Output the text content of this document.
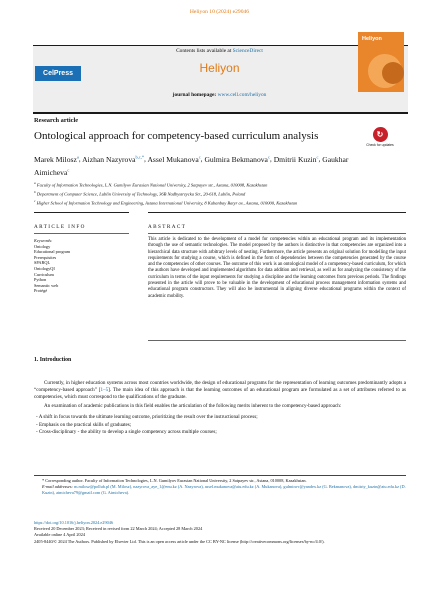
Heliyon 10 (2024) e29046
Contents lists available at ScienceDirect
Heliyon
journal homepage: www.cell.com/heliyon
CelPress
Heliyon
↻
Check for updates
Research article
Ontological approach for competency-based curriculum analysis
Marek Milosz$^a$, Aizhan Nazyrova$^{b,c,*}$, Assel Mukanova$^c$, Gulmira Bekmanova$^c$, Dmitrii Kuzin$^c$, Gaukhar Aimicheva$^c$
$^a$ Faculty of Information Technologies, L.N. Gumilyov Eurasian National University, 2 Satpayev str., Astana, 010008, Kazakhstan
$^b$ Department of Computer Science, Lublin University of Technology, 36B Nadbystrzycka Str., 20-618, Lublin, Poland
$^c$ Higher School of Information Technology and Engineering, Astana International University, 8 Kabanbay Batyr av., Astana, 010000, Kazakhstan
ARTICLE INFO	ABSTRACT
Keywords:
Ontology
Educational program
Prerequisites
SPARQL
OntologyQI
Curriculum
Python
Semantic web
Protégé
This article is dedicated to the development of a model for competencies within an educational program and its implementation through the use of semantic technologies. The model proposed by the authors is distinctive in that competencies are organized into a hierarchical data structure with arbitrary levels of nesting. Furthermore, the article presents an original solution for modelling the input requirements for studying a course, which is defined in the form of dependencies between the competencies generated by the course and the competencies of other courses. The outcome of this work is an ontological model of a competency-based curriculum, for which the authors have developed and implemented algorithms for data addition and retrieval, as well as for analyzing the consistency of the curriculum in terms of the input requirements for studying a discipline and the learning outcomes from previous periods. The findings presented in the article will prove to be valuable in the development of educational process management information systems and educational program constructors. They will also be instrumental in aligning diverse educational programs within the context of academic mobility.
1. Introduction

Currently, in higher education systems across most countries worldwide, the design of educational programs for the representation of learning outcomes predominantly adopts a “competency-based approach” [1–5]. The main idea of this approach is that the learning outcomes of an educational program are formulated as a set of attributes referred to as competencies, which must correspond to the qualifications of the graduate.

An examination of academic publications in this field enables the articulation of the following merits inherent to the competency-based approach:

- A shift in focus towards the ultimate learning outcome, prioritizing the result over the instructional process;
- Emphasis on the practical skills of graduates;
- Cross-disciplinary - the ability to develop a single competency across multiple courses;

* Corresponding author. Faculty of Information Technologies, L.N. Gumilyov Eurasian National University, 2 Satpayev str., Astana, 010008, Kazakhstan.

E-mail addresses: m.milosz@pollub.pl (M. Milosz), nazyrova_aye_1@enu.kz (A. Nazyrova), assel.mukanova@aiu.edu.kz (A. Mukanova), gulmira-r@yandex.kz (G. Bekmanova), dmitriy_kuzin@aiu.edu.kz (D. Kuzin), aimicheva79@gmail.com (G. Aimicheva).

https://doi.org/10.1016/j.heliyon.2024.e29046

Received 20 December 2023; Received in revised form 22 March 2024; Accepted 28 March 2024

Available online 4 April 2024

2405-8440/© 2024 The Authors. Published by Elsevier Ltd. This is an open access article under the CC BY-NC license (http://creativecommons.org/licenses/by-nc/4.0/).
